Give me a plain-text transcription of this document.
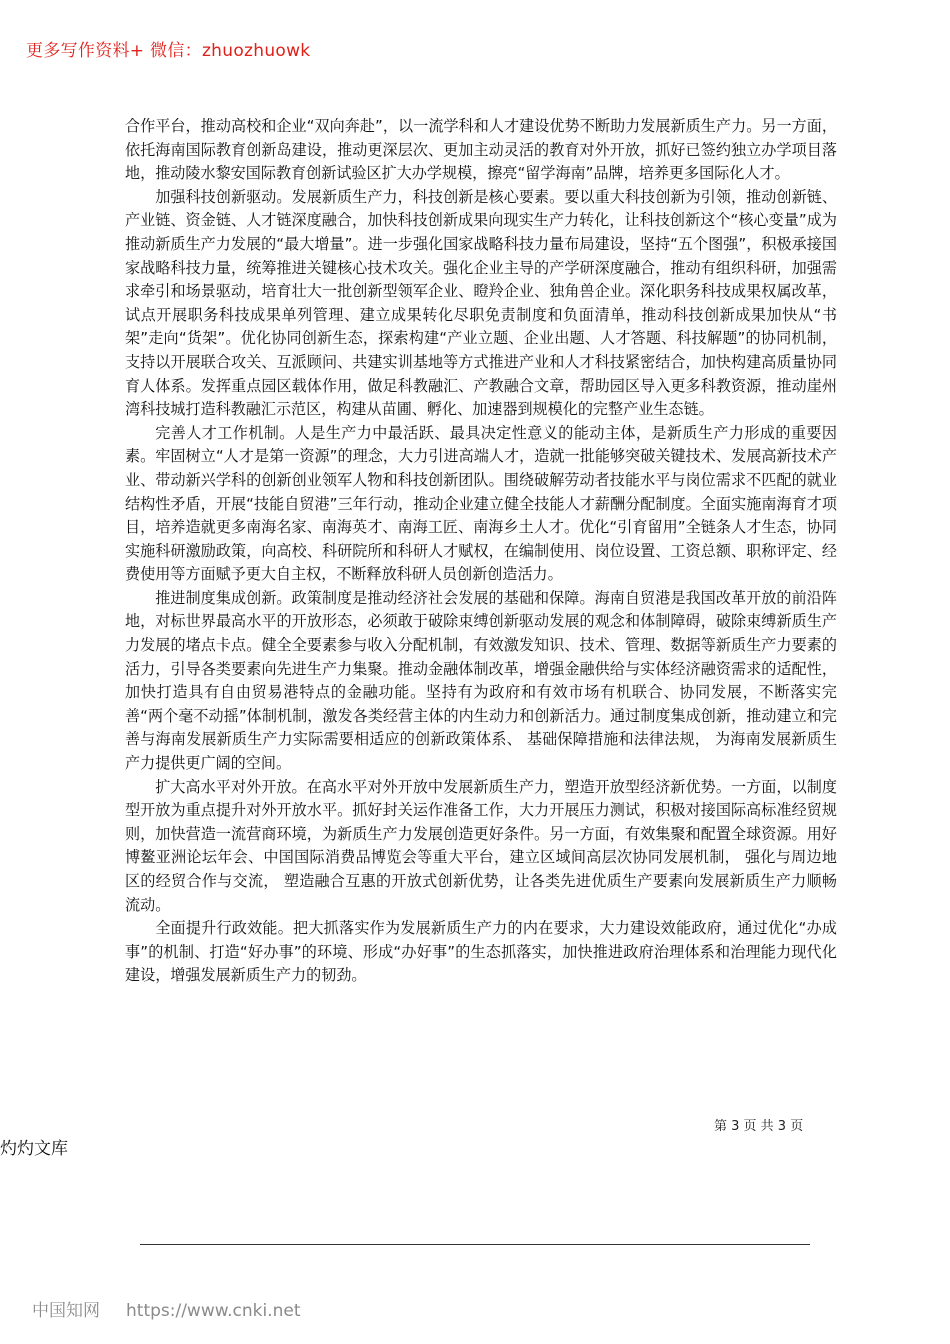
更多写作资料+ 微信：zhuozhuowk

合作平台，推动高校和企业“双向奔赴”，以一流学科和人才建设优势不断助力发展新质生产力。另一方面，依托海南国际教育创新岛建设，推动更深层次、更加主动灵活的教育对外开放，抓好已签约独立办学项目落地，推动陵水黎安国际教育创新试验区扩大办学规模，擦亮“留学海南”品牌，培养更多国际化人才。

加强科技创新驱动。发展新质生产力，科技创新是核心要素。要以重大科技创新为引领，推动创新链、产业链、资金链、人才链深度融合，加快科技创新成果向现实生产力转化，让科技创新这个“核心变量”成为推动新质生产力发展的“最大增量”。进一步强化国家战略科技力量布局建设，坚持“五个图强”，积极承接国家战略科技力量，统筹推进关键核心技术攻关。强化企业主导的产学研深度融合，推动有组织科研，加强需求牵引和场景驱动，培育壮大一批创新型领军企业、瞪羚企业、独角兽企业。深化职务科技成果权属改革，试点开展职务科技成果单列管理、建立成果转化尽职免责制度和负面清单，推动科技创新成果加快从“书架”走向“货架”。优化协同创新生态，探索构建“产业立题、企业出题、人才答题、科技解题”的协同机制，支持以开展联合攻关、互派顾问、共建实训基地等方式推进产业和人才科技紧密结合，加快构建高质量协同育人体系。发挥重点园区载体作用，做足科教融汇、产教融合文章，帮助园区导入更多科教资源，推动崖州湾科技城打造科教融汇示范区，构建从苗圃、孵化、加速器到规模化的完整产业生态链。

完善人才工作机制。人是生产力中最活跃、最具决定性意义的能动主体，是新质生产力形成的重要因素。牢固树立“人才是第一资源”的理念，大力引进高端人才，造就一批能够突破关键技术、发展高新技术产业、带动新兴学科的创新创业领军人物和科技创新团队。围绕破解劳动者技能水平与岗位需求不匹配的就业结构性矛盾，开展“技能自贸港”三年行动，推动企业建立健全技能人才薪酬分配制度。全面实施南海育才项目，培养造就更多南海名家、南海英才、南海工匠、南海乡土人才。优化“引育留用”全链条人才生态，协同实施科研激励政策，向高校、科研院所和科研人才赋权，在编制使用、岗位设置、工资总额、职称评定、经费使用等方面赋予更大自主权，不断释放科研人员创新创造活力。

推进制度集成创新。政策制度是推动经济社会发展的基础和保障。海南自贸港是我国改革开放的前沿阵地，对标世界最高水平的开放形态，必须敢于破除束缚创新驱动发展的观念和体制障碍，破除束缚新质生产力发展的堵点卡点。健全全要素参与收入分配机制，有效激发知识、技术、管理、数据等新质生产力要素的活力，引导各类要素向先进生产力集聚。推动金融体制改革，增强金融供给与实体经济融资需求的适配性，加快打造具有自由贸易港特点的金融功能。坚持有为政府和有效市场有机联合、协同发展，不断落实完善“两个毫不动摇”体制机制，激发各类经营主体的内生动力和创新活力。通过制度集成创新，推动建立和完善与海南发展新质生产力实际需要相适应的创新政策体系、 基础保障措施和法律法规， 为海南发展新质生产力提供更广阔的空间。

扩大高水平对外开放。在高水平对外开放中发展新质生产力，塑造开放型经济新优势。一方面，以制度型开放为重点提升对外开放水平。抓好封关运作准备工作，大力开展压力测试，积极对接国际高标准经贸规则，加快营造一流营商环境，为新质生产力发展创造更好条件。另一方面，有效集聚和配置全球资源。用好博鳌亚洲论坛年会、中国国际消费品博览会等重大平台，建立区域间高层次协同发展机制， 强化与周边地区的经贸合作与交流， 塑造融合互惠的开放式创新优势，让各类先进优质生产要素向发展新质生产力顺畅流动。

全面提升行政效能。把大抓落实作为发展新质生产力的内在要求，大力建设效能政府，通过优化“办成事”的机制、打造“好办事”的环境、形成“办好事”的生态抓落实，加快推进政府治理体系和治理能力现代化建设，增强发展新质生产力的韧劲。

第 3 页 共 3 页
灼灼文库
中国知网 https://www.cnki.net
